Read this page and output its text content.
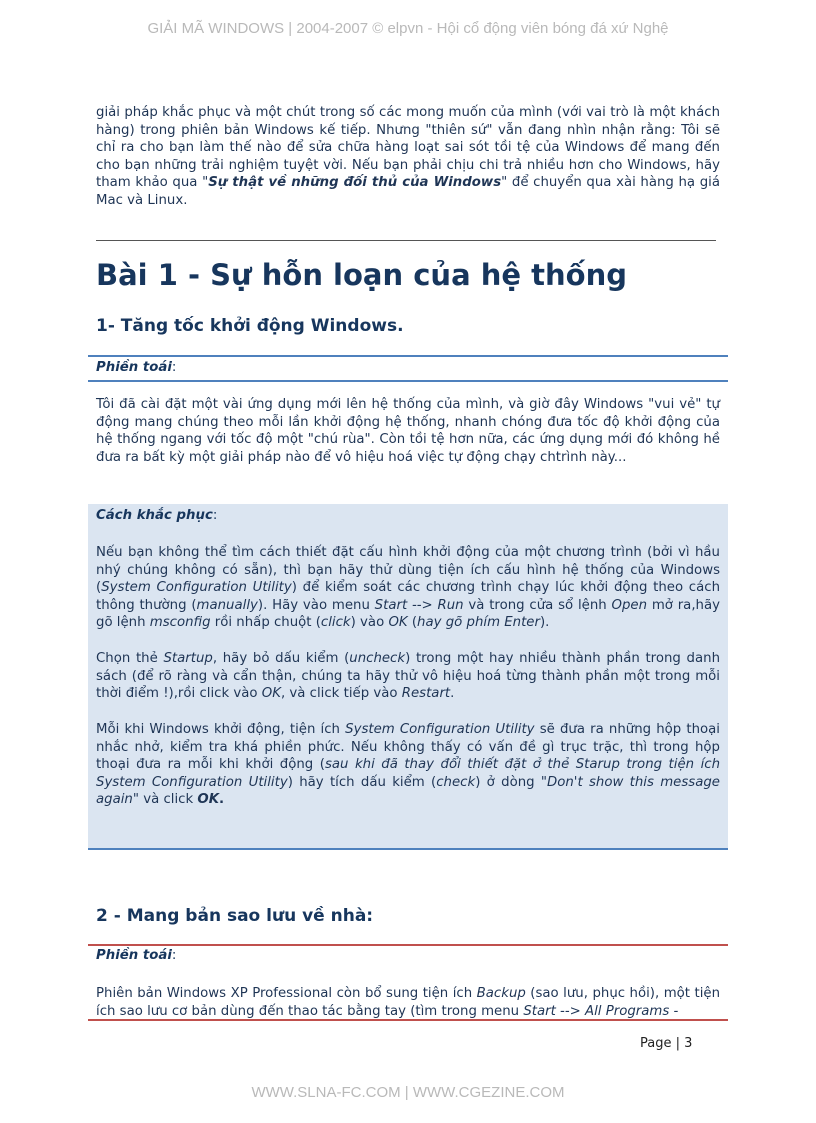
GIẢI MÃ WINDOWS | 2004-2007 © elpvn - Hội cổ động viên bóng đá xứ Nghệ

giải pháp khắc phục và một chút trong số các mong muốn của mình (với vai trò là một khách hàng) trong phiên bản Windows kế tiếp. Nhưng "thiên sứ" vẫn đang nhìn nhận rằng: Tôi sẽ chỉ ra cho bạn làm thế nào để sửa chữa hàng loạt sai sót tồi tệ của Windows để mang đến cho bạn những trải nghiệm tuyệt vời. Nếu bạn phải chịu chi trả nhiều hơn cho Windows, hãy tham khảo qua "Sự thật về những đối thủ của Windows" để chuyển qua xài hàng hạ giá Mac và Linux.

Bài 1 - Sự hỗn loạn của hệ thống
1- Tăng tốc khởi động Windows.
Phiền toái:

Tôi đã cài đặt một vài ứng dụng mới lên hệ thống của mình, và giờ đây Windows "vui vẻ" tự động mang chúng theo mỗi lần khởi động hệ thống, nhanh chóng đưa tốc độ khởi động của hệ thống ngang với tốc độ một "chú rùa". Còn tồi tệ hơn nữa, các ứng dụng mới đó không hề đưa ra bất kỳ một giải pháp nào để vô hiệu hoá việc tự động chạy chtrình này...

Cách khắc phục:

Nếu bạn không thể tìm cách thiết đặt cấu hình khởi động của một chương trình (bởi vì hầu nhý chúng không có sẵn), thì bạn hãy thử dùng tiện ích cấu hình hệ thống của Windows (System Configuration Utility) để kiểm soát các chương trình chạy lúc khởi động theo cách thông thường (manually). Hãy vào menu Start --> Run và trong cửa sổ lệnh Open mở ra,hãy gõ lệnh msconfig rồi nhấp chuột (click) vào OK (hay gõ phím Enter).

Chọn thẻ Startup, hãy bỏ dấu kiểm (uncheck) trong một hay nhiều thành phần trong danh sách (để rõ ràng và cẩn thận, chúng ta hãy thử vô hiệu hoá từng thành phần một trong mỗi thời điểm !),rồi click vào OK, và click tiếp vào Restart.

Mỗi khi Windows khởi động, tiện ích System Configuration Utility sẽ đưa ra những hộp thoại nhắc nhở, kiểm tra khá phiền phức. Nếu không thấy có vấn đề gì trục trặc, thì trong hộp thoại đưa ra mỗi khi khởi động (sau khi đã thay đổi thiết đặt ở thẻ Starup trong tiện ích System Configuration Utility) hãy tích dấu kiểm (check) ở dòng "Don't show this message again" và click OK.

2 - Mang bản sao lưu về nhà:
Phiền toái:

Phiên bản Windows XP Professional còn bổ sung tiện ích Backup (sao lưu, phục hồi), một tiện ích sao lưu cơ bản dùng đến thao tác bằng tay (tìm trong menu Start --> All Programs -

Page | 3
WWW.SLNA-FC.COM | WWW.CGEZINE.COM
